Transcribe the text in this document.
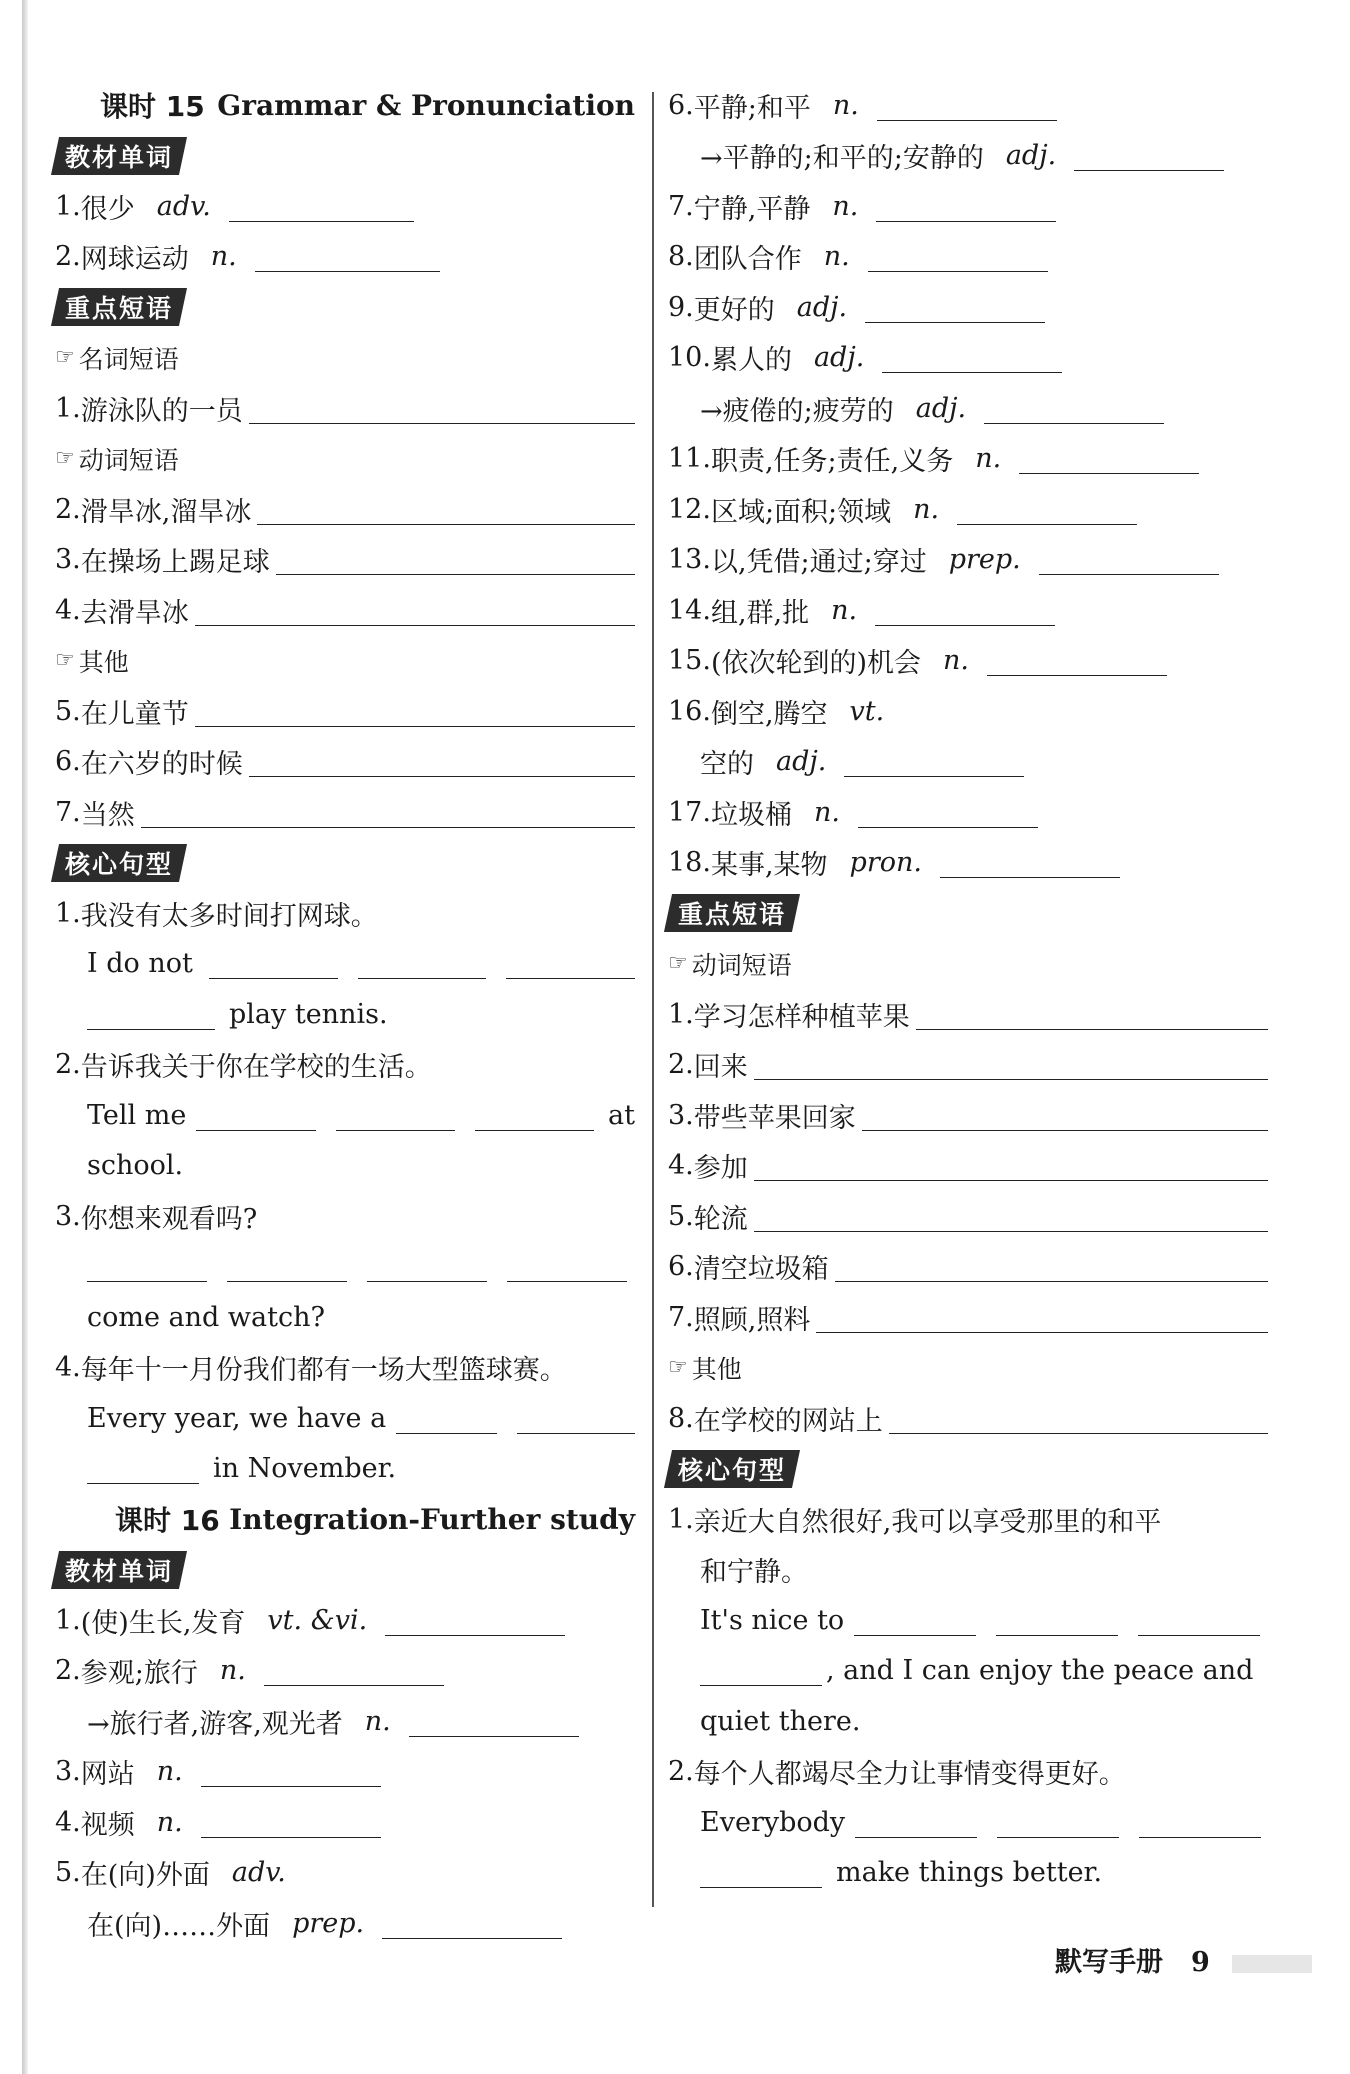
课时 15 Grammar & Pronunciation
教材单词
1. 很少 adv.
2. 网球运动 n.
重点短语
☞ 名词短语
1. 游泳队的一员
☞ 动词短语
2. 滑旱冰,溜旱冰
3. 在操场上踢足球
4. 去滑旱冰
☞ 其他
5. 在儿童节
6. 在六岁的时候
7. 当然
核心句型
1. 我没有太多时间打网球。
I do not
play tennis.
2. 告诉我关于你在学校的生活。
Tell me	at
school.
3. 你想来观看吗?
come and watch?
4. 每年十一月份我们都有一场大型篮球赛。
Every year, we have a
in November.
课时 16 Integration-Further study
教材单词
1. (使)生长,发育 vt. &vi.
2. 参观;旅行 n.
→旅行者,游客,观光者 n.
3. 网站 n.
4. 视频 n.
5. 在(向)外面 adv.
在(向)……外面 prep.
6. 平静;和平 n.
→平静的;和平的;安静的 adj.
7. 宁静,平静 n.
8. 团队合作 n.
9. 更好的 adj.
10. 累人的 adj.
→疲倦的;疲劳的 adj.
11. 职责,任务;责任,义务 n.
12. 区域;面积;领域 n.
13. 以,凭借;通过;穿过 prep.
14. 组,群,批 n.
15. (依次轮到的)机会 n.
16. 倒空,腾空 vt.
空的 adj.
17. 垃圾桶 n.
18. 某事,某物 pron.
重点短语
☞ 动词短语
1. 学习怎样种植苹果
2. 回来
3. 带些苹果回家
4. 参加
5. 轮流
6. 清空垃圾箱
7. 照顾,照料
☞ 其他
8. 在学校的网站上
核心句型
1. 亲近大自然很好,我可以享受那里的和平
和宁静。
It's nice to
, and I can enjoy the peace and
quiet there.
2. 每个人都竭尽全力让事情变得更好。
Everybody
make things better.
默写手册 9
